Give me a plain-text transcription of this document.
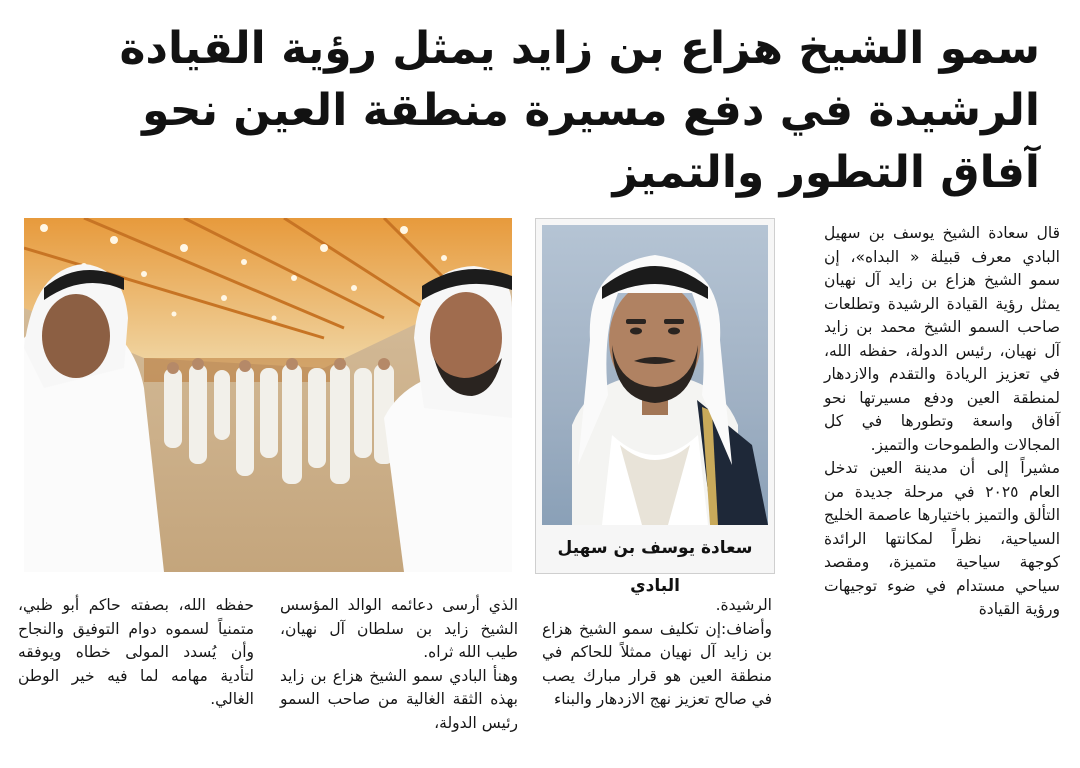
سمو الشيخ هزاع بن زايد يمثل رؤية القيادة
الرشيدة في دفع مسيرة منطقة العين نحو
آفاق التطور والتميز

قال سعادة الشيخ يوسف بن سهيل البادي معرف قبيلة « البداه»، إن سمو الشيخ هزاع بن زايد آل نهيان يمثل رؤية القيادة الرشيدة وتطلعات صاحب السمو الشيخ محمد بن زايد آل نهيان، رئيس الدولة، حفظه الله، في تعزيز الريادة والتقدم والازدهار لمنطقة العين ودفع مسيرتها نحو آفاق واسعة وتطورها في كل المجالات والطموحات والتميز.

مشيراً إلى أن مدينة العين تدخل العام ٢٠٢٥ في مرحلة جديدة من التألق والتميز باختيارها عاصمة الخليج السياحية، نظراً لمكانتها الرائدة كوجهة سياحية متميزة، ومقصد سياحي مستدام في ضوء توجيهات ورؤية القيادة

سعادة يوسف بن سهيل البادي

الرشيدة.

وأضاف:إن تكليف سمو الشيخ هزاع بن زايد آل نهيان ممثلاً للحاكم في منطقة العين هو قرار مبارك يصب في صالح تعزيز نهج الازدهار والبناء

الذي أرسى دعائمه الوالد المؤسس الشيخ زايد بن سلطان آل نهيان، طيب الله ثراه.

وهنأ البادي سمو الشيخ هزاع بن زايد بهذه الثقة الغالية من صاحب السمو رئيس الدولة،

حفظه الله، بصفته حاكم أبو ظبي، متمنياً لسموه دوام التوفيق والنجاح وأن يُسدد المولى خطاه ويوفقه لتأدية مهامه لما فيه خير الوطن الغالي.
